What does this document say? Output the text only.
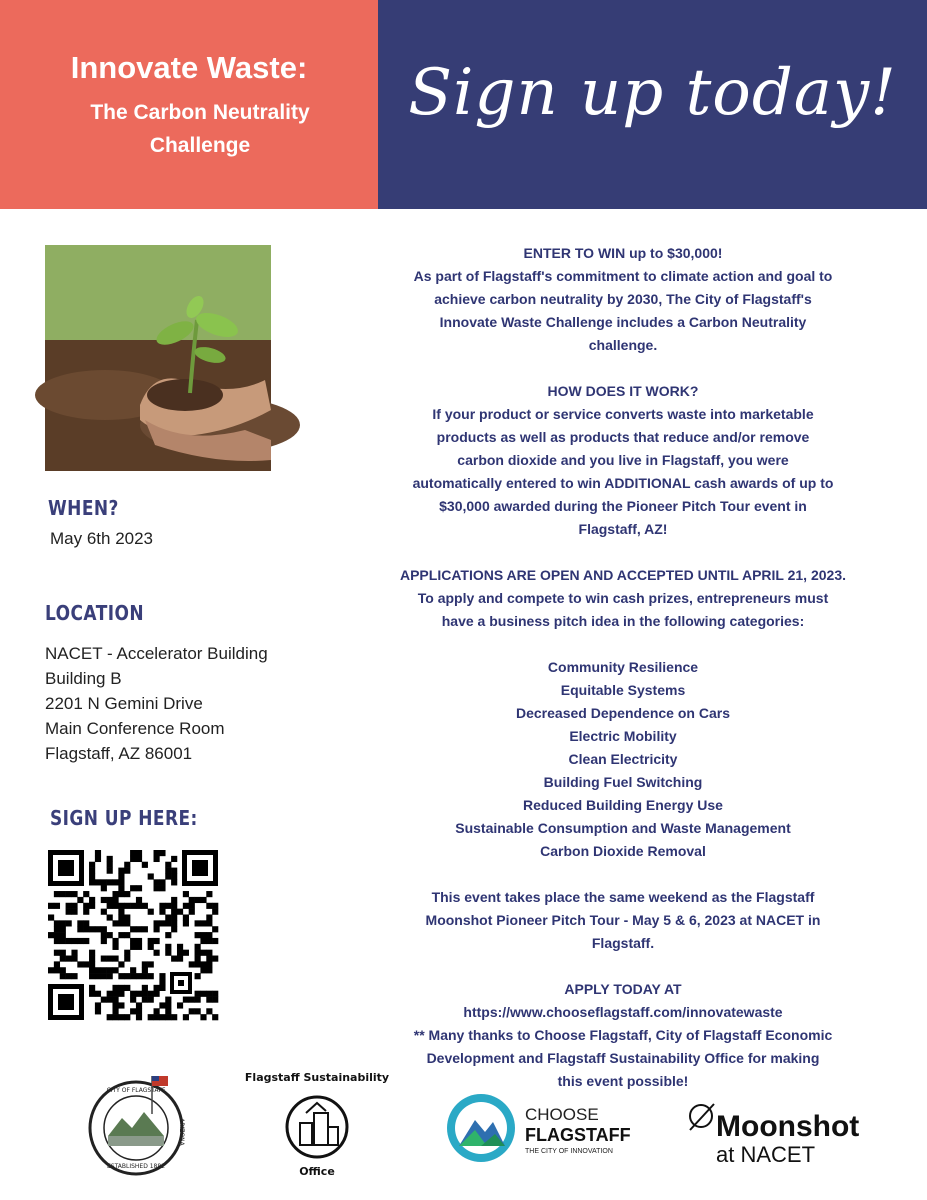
Innovate Waste:
The Carbon Neutrality
Challenge
Sign up today!
WHEN?
May 6th 2023
LOCATION
NACET - Accelerator Building
Building B
2201 N Gemini Drive
Main Conference Room
Flagstaff, AZ 86001
SIGN UP HERE:
ENTER TO WIN up to $30,000!
As part of Flagstaff's commitment to climate action and goal to
achieve carbon neutrality by 2030, The City of Flagstaff's
Innovate Waste Challenge includes a Carbon Neutrality
challenge.
HOW DOES IT WORK?
If your product or service converts waste into marketable
products as well as products that reduce and/or remove
carbon dioxide and you live in Flagstaff, you were
automatically entered to win ADDITIONAL cash awards of up to
$30,000 awarded during the Pioneer Pitch Tour event in
Flagstaff, AZ!
APPLICATIONS ARE OPEN AND ACCEPTED UNTIL APRIL 21, 2023.
To apply and compete to win cash prizes, entrepreneurs must
have a business pitch idea in the following categories:
Community Resilience
Equitable Systems
Decreased Dependence on Cars
Electric Mobility
Clean Electricity
Building Fuel Switching
Reduced Building Energy Use
Sustainable Consumption and Waste Management
Carbon Dioxide Removal
This event takes place the same weekend as the Flagstaff
Moonshot Pioneer Pitch Tour - May 5 & 6, 2023 at NACET in
Flagstaff.
APPLY TODAY AT
https://www.chooseflagstaff.com/innovatewaste
** Many thanks to Choose Flagstaff, City of Flagstaff Economic
Development and Flagstaff Sustainability Office for making
this event possible!
CITY OF FLAGSTAFF
ARIZONA
ESTABLISHED 1882
Flagstaff Sustainability
Office
CHOOSE
FLAGSTAFF
THE CITY OF INNOVATION
Moonshot
at NACET
